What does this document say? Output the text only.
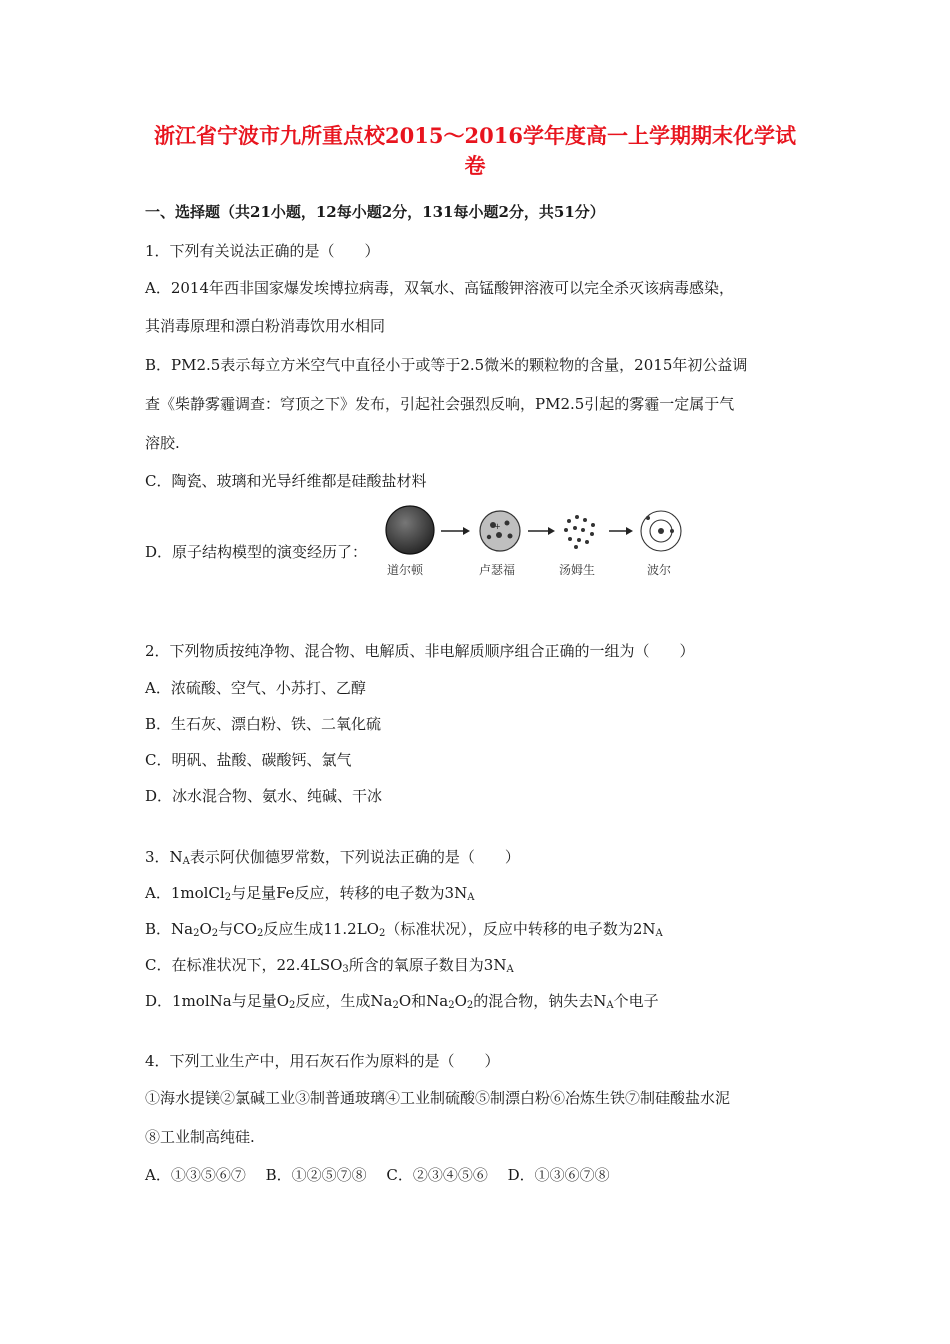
浙江省宁波市九所重点校2015～2016学年度高一上学期期末化学试
卷
一、选择题（共21小题，12每小题2分，131每小题2分，共51分）
1．下列有关说法正确的是（　　）
A．2014年西非国家爆发埃博拉病毒，双氧水、高锰酸钾溶液可以完全杀灭该病毒感染，
其消毒原理和漂白粉消毒饮用水相同
B．PM2.5表示每立方米空气中直径小于或等于2.5微米的颗粒物的含量，2015年初公益调
查《柴静雾霾调查：穹顶之下》发布，引起社会强烈反响，PM2.5引起的雾霾一定属于气
溶胶.
C．陶瓷、玻璃和光导纤维都是硅酸盐材料
D．原子结构模型的演变经历了：
+
道尔顿	卢瑟福	汤姆生	波尔
2．下列物质按纯净物、混合物、电解质、非电解质顺序组合正确的一组为（　　）
A．浓硫酸、空气、小苏打、乙醇
B．生石灰、漂白粉、铁、二氧化硫
C．明矾、盐酸、碳酸钙、氯气
D．冰水混合物、氨水、纯碱、干冰
3．$N_A$表示阿伏伽德罗常数，下列说法正确的是（　　）
A．1molCl$_2$与足量Fe反应，转移的电子数为$3N_A$
B．$Na_2O_2$与$CO_2$反应生成$11.2LO_2$（标准状况），反应中转移的电子数为$2N_A$
C．在标准状况下，$22.4LSO_3$所含的氧原子数目为$3N_A$
D．1molNa与足量$O_2$反应，生成$Na_2O$和$Na_2O_2$的混合物，钠失去$N_A$个电子
4．下列工业生产中，用石灰石作为原料的是（　　）
①海水提镁②氯碱工业③制普通玻璃④工业制硫酸⑤制漂白粉⑥冶炼生铁⑦制硅酸盐水泥
⑧工业制高纯硅.
A．①③⑤⑥⑦　 B．①②⑤⑦⑧　 C．②③④⑤⑥　 D．①③⑥⑦⑧
